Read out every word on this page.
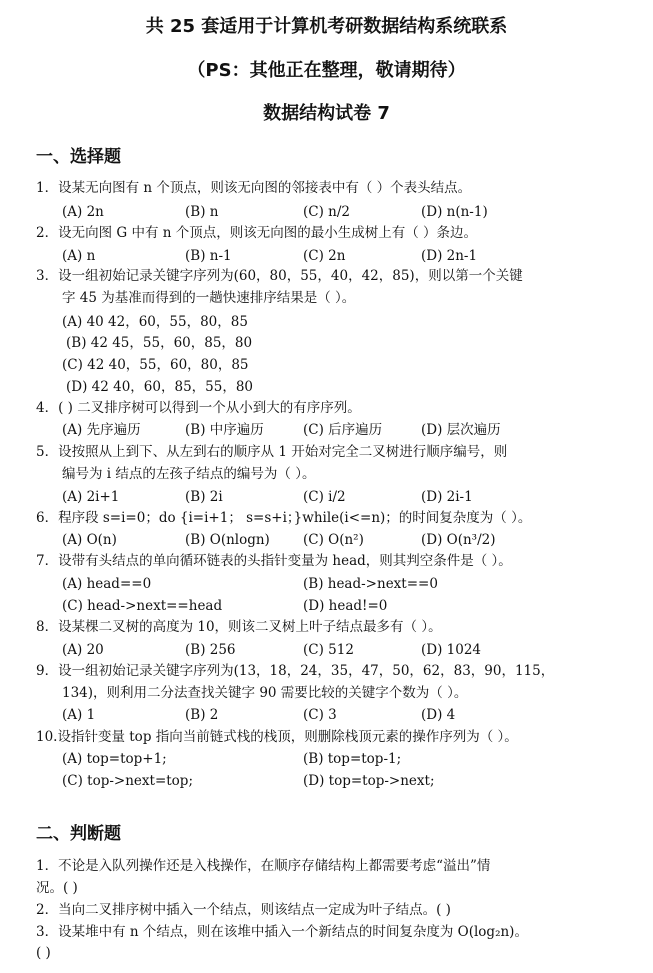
共 25 套适用于计算机考研数据结构系统联系
（PS：其他正在整理，敬请期待）
数据结构试卷 7
一、选择题
1．设某无向图有 n 个顶点，则该无向图的邻接表中有（ ）个表头结点。
(A) 2n	(B) n	(C) n/2	(D) n(n-1)
2．设无向图 G 中有 n 个顶点，则该无向图的最小生成树上有（ ）条边。
(A) n	(B) n-1	(C) 2n	(D) 2n-1
3．设一组初始记录关键字序列为(60，80，55，40，42，85)，则以第一个关键
字 45 为基准而得到的一趟快速排序结果是（ ）。
(A) 40 42，60，55，80，85
(B) 42 45，55，60，85，80
(C) 42 40，55，60，80，85
(D) 42 40，60，85，55，80
4．( ) 二叉排序树可以得到一个从小到大的有序序列。
(A) 先序遍历	(B) 中序遍历	(C) 后序遍历	(D) 层次遍历
5．设按照从上到下、从左到右的顺序从 1 开始对完全二叉树进行顺序编号，则
编号为 i 结点的左孩子结点的编号为（ ）。
(A) 2i+1	(B) 2i	(C) i/2	(D) 2i-1
6．程序段 s=i=0；do {i=i+1； s=s+i；}while(i<=n)；的时间复杂度为（ ）。
(A) O(n)	(B) O(nlogn) (C) O(n²)	(D) O(n³/2)
7．设带有头结点的单向循环链表的头指针变量为 head，则其判空条件是（ ）。
(A) head==0	(B) head->next==0
(C) head->next==head	(D) head!=0
8．设某棵二叉树的高度为 10，则该二叉树上叶子结点最多有（ ）。
(A) 20	(B) 256	(C) 512	(D) 1024
9．设一组初始记录关键字序列为(13，18，24，35，47，50，62，83，90，115，
134)，则利用二分法查找关键字 90 需要比较的关键字个数为（ ）。
(A) 1	(B) 2	(C) 3	(D) 4
10.设指针变量 top 指向当前链式栈的栈顶，则删除栈顶元素的操作序列为（ ）。
(A) top=top+1;	(B) top=top-1;
(C) top->next=top;	(D) top=top->next;
二、判断题
1．不论是入队列操作还是入栈操作，在顺序存储结构上都需要考虑“溢出”情
况。( )
2．当向二叉排序树中插入一个结点，则该结点一定成为叶子结点。( )
3．设某堆中有 n 个结点，则在该堆中插入一个新结点的时间复杂度为 O(log₂n)。
( )
